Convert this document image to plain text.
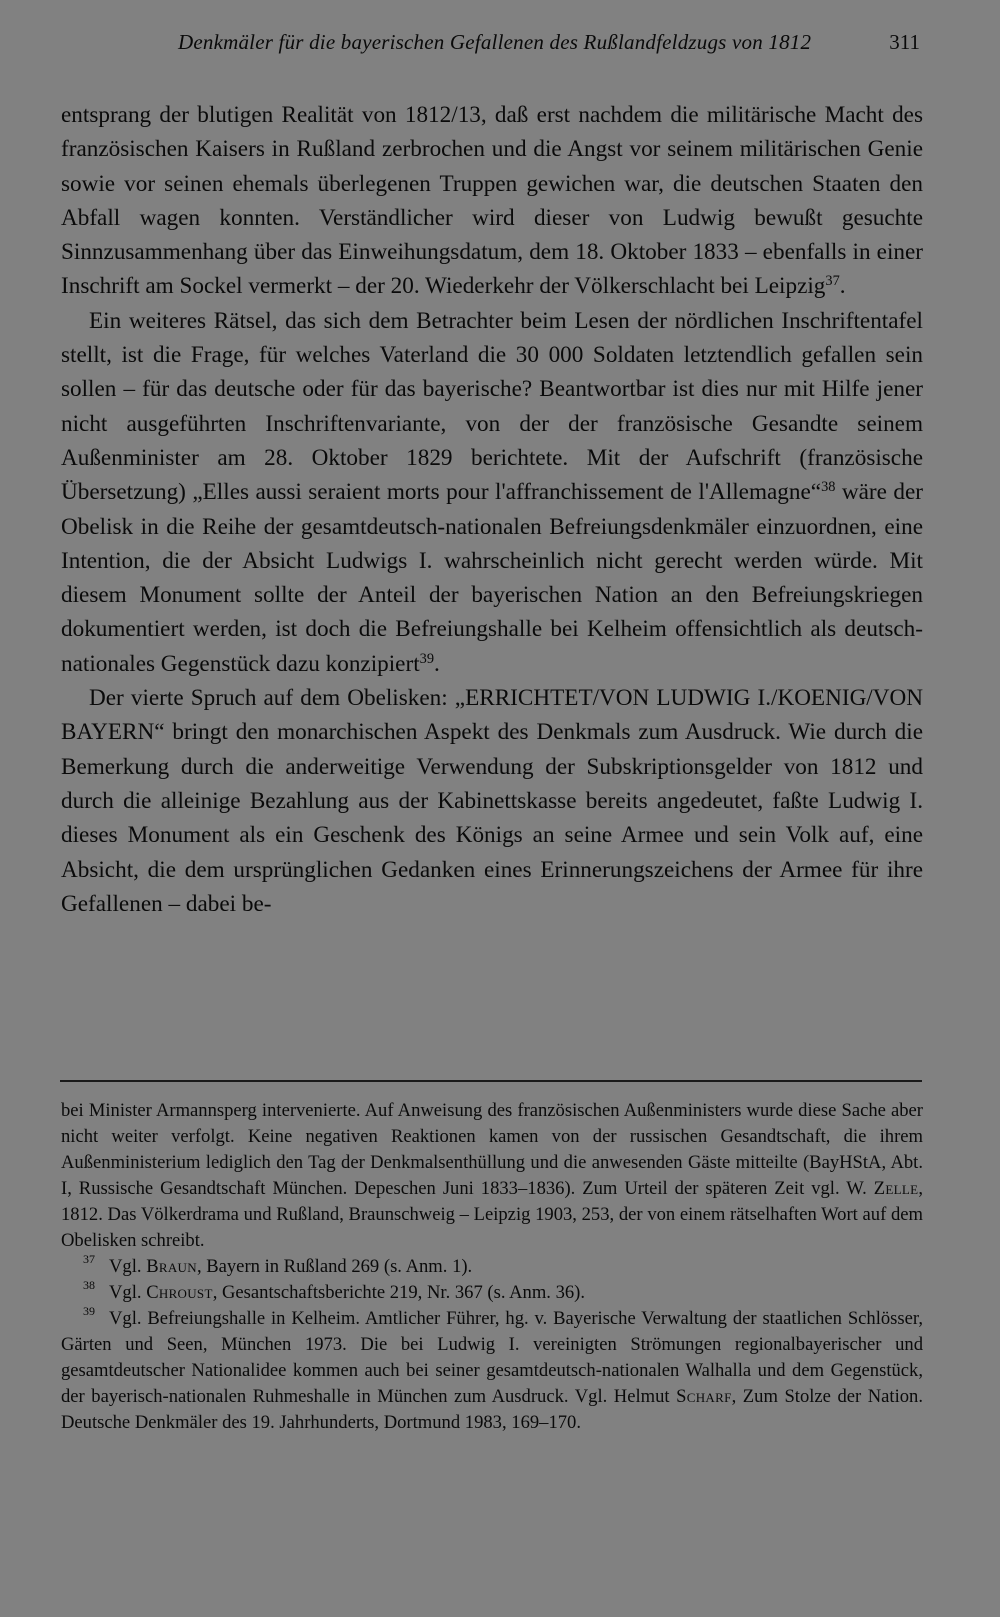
Denkmäler für die bayerischen Gefallenen des Rußlandfeldzugs von 1812	311

entsprang der blutigen Realität von 1812/13, daß erst nachdem die militärische Macht des französischen Kaisers in Rußland zerbrochen und die Angst vor seinem militärischen Genie sowie vor seinen ehemals überlegenen Truppen gewichen war, die deutschen Staaten den Abfall wagen konnten. Verständlicher wird dieser von Ludwig bewußt gesuchte Sinnzusammenhang über das Einweihungsdatum, dem 18. Oktober 1833 – ebenfalls in einer Inschrift am Sockel vermerkt – der 20. Wiederkehr der Völkerschlacht bei Leipzig$^{37}$.

Ein weiteres Rätsel, das sich dem Betrachter beim Lesen der nördlichen Inschriftentafel stellt, ist die Frage, für welches Vaterland die 30 000 Soldaten letztendlich gefallen sein sollen – für das deutsche oder für das bayerische? Beantwortbar ist dies nur mit Hilfe jener nicht ausgeführten Inschriftenvariante, von der der französische Gesandte seinem Außenminister am 28. Oktober 1829 berichtete. Mit der Aufschrift (französische Übersetzung) „Elles aussi seraient morts pour l'affranchissement de l'Allemagne“$^{38}$ wäre der Obelisk in die Reihe der gesamtdeutsch-nationalen Befreiungsdenkmäler einzuordnen, eine Intention, die der Absicht Ludwigs I. wahrscheinlich nicht gerecht werden würde. Mit diesem Monument sollte der Anteil der bayerischen Nation an den Befreiungskriegen dokumentiert werden, ist doch die Befreiungshalle bei Kelheim offensichtlich als deutsch-nationales Gegenstück dazu konzipiert$^{39}$.

Der vierte Spruch auf dem Obelisken: „ERRICHTET/VON LUDWIG I./KOENIG/VON BAYERN“ bringt den monarchischen Aspekt des Denkmals zum Ausdruck. Wie durch die Bemerkung durch die anderweitige Verwendung der Subskriptionsgelder von 1812 und durch die alleinige Bezahlung aus der Kabinettskasse bereits angedeutet, faßte Ludwig I. dieses Monument als ein Geschenk des Königs an seine Armee und sein Volk auf, eine Absicht, die dem ursprünglichen Gedanken eines Erinnerungszeichens der Armee für ihre Gefallenen – dabei be-

bei Minister Armannsperg intervenierte. Auf Anweisung des französischen Außenministers wurde diese Sache aber nicht weiter verfolgt. Keine negativen Reaktionen kamen von der russischen Gesandtschaft, die ihrem Außenministerium lediglich den Tag der Denkmalsenthüllung und die anwesenden Gäste mitteilte (BayHStA, Abt. I, Russische Gesandtschaft München. Depeschen Juni 1833–1836). Zum Urteil der späteren Zeit vgl. W. Zelle, 1812. Das Völkerdrama und Rußland, Braunschweig – Leipzig 1903, 253, der von einem rätselhaften Wort auf dem Obelisken schreibt.

37 Vgl. Braun, Bayern in Rußland 269 (s. Anm. 1).

38 Vgl. Chroust, Gesantschaftsberichte 219, Nr. 367 (s. Anm. 36).

39 Vgl. Befreiungshalle in Kelheim. Amtlicher Führer, hg. v. Bayerische Verwaltung der staatlichen Schlösser, Gärten und Seen, München 1973. Die bei Ludwig I. vereinigten Strömungen regionalbayerischer und gesamtdeutscher Nationalidee kommen auch bei seiner gesamtdeutsch-nationalen Walhalla und dem Gegenstück, der bayerisch-nationalen Ruhmeshalle in München zum Ausdruck. Vgl. Helmut Scharf, Zum Stolze der Nation. Deutsche Denkmäler des 19. Jahrhunderts, Dortmund 1983, 169–170.
